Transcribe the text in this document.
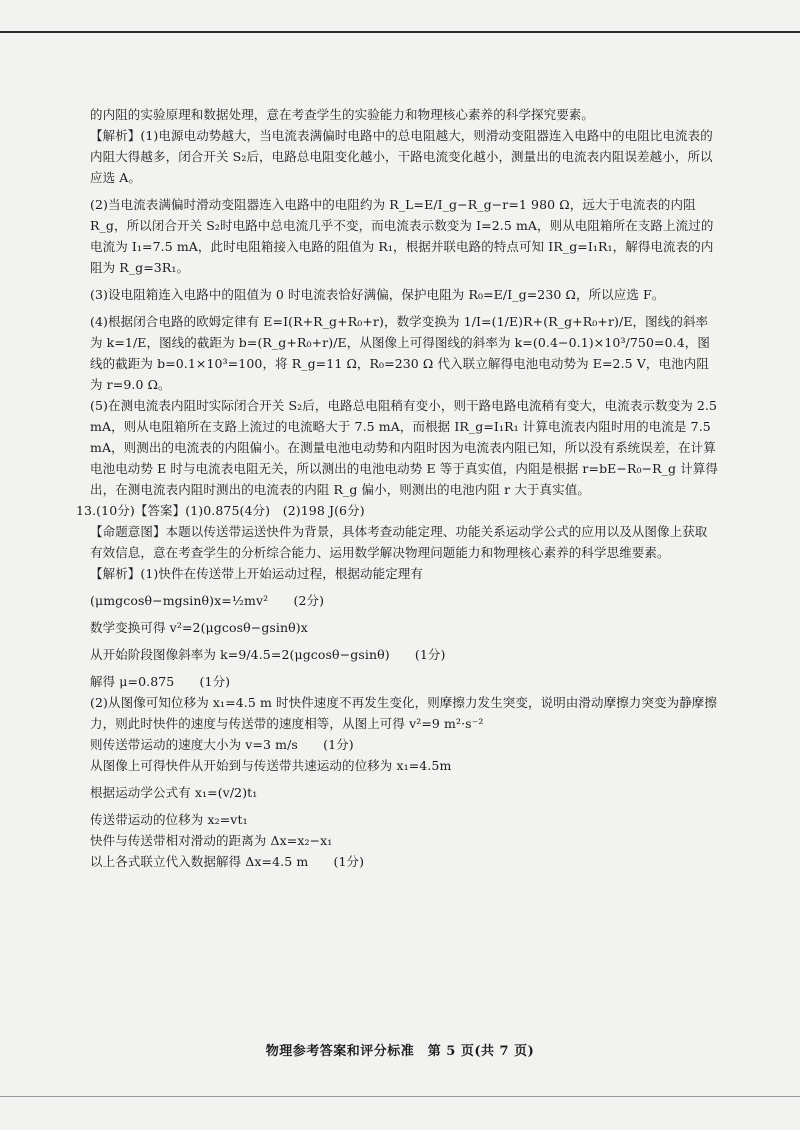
的内阻的实验原理和数据处理，意在考查学生的实验能力和物理核心素养的科学探究要素。

【解析】(1)电源电动势越大，当电流表满偏时电路中的总电阻越大，则滑动变阻器连入电路中的电阻比电流表的内阻大得越多，闭合开关 S₂后，电路总电阻变化越小，干路电流变化越小，测量出的电流表内阻误差越小，所以应选 A。

(2)当电流表满偏时滑动变阻器连入电路中的电阻约为 R_L=E/I_g−R_g−r=1 980 Ω，远大于电流表的内阻 R_g，所以闭合开关 S₂时电路中总电流几乎不变，而电流表示数变为 I=2.5 mA，则从电阻箱所在支路上流过的电流为 I₁=7.5 mA，此时电阻箱接入电路的阻值为 R₁，根据并联电路的特点可知 IR_g=I₁R₁，解得电流表的内阻为 R_g=3R₁。

(3)设电阻箱连入电路中的阻值为 0 时电流表恰好满偏，保护电阻为 R₀=E/I_g=230 Ω，所以应选 F。

(4)根据闭合电路的欧姆定律有 E=I(R+R_g+R₀+r)，数学变换为 1/I=(1/E)R+(R_g+R₀+r)/E，图线的斜率为 k=1/E，图线的截距为 b=(R_g+R₀+r)/E，从图像上可得图线的斜率为 k=(0.4−0.1)×10³/750=0.4，图线的截距为 b=0.1×10³=100，将 R_g=11 Ω，R₀=230 Ω 代入联立解得电池电动势为 E=2.5 V，电池内阻为 r=9.0 Ω。

(5)在测电流表内阻时实际闭合开关 S₂后，电路总电阻稍有变小，则干路电路电流稍有变大，电流表示数变为 2.5 mA，则从电阻箱所在支路上流过的电流略大于 7.5 mA，而根据 IR_g=I₁R₁ 计算电流表内阻时用的电流是 7.5 mA，则测出的电流表的内阻偏小。在测量电池电动势和内阻时因为电流表内阻已知，所以没有系统误差，在计算电池电动势 E 时与电流表电阻无关，所以测出的电池电动势 E 等于真实值，内阻是根据 r=bE−R₀−R_g 计算得出，在测电流表内阻时测出的电流表的内阻 R_g 偏小，则测出的电池内阻 r 大于真实值。

13.(10分)【答案】(1)0.875(4分)　(2)198 J(6分)

【命题意图】本题以传送带运送快件为背景，具体考查动能定理、功能关系运动学公式的应用以及从图像上获取有效信息，意在考查学生的分析综合能力、运用数学解决物理问题能力和物理核心素养的科学思维要素。

【解析】(1)快件在传送带上开始运动过程，根据动能定理有

(μmgcosθ−mgsinθ)x=½mv²　　(2分)

数学变换可得 v²=2(μgcosθ−gsinθ)x

从开始阶段图像斜率为 k=9/4.5=2(μgcosθ−gsinθ)　　(1分)

解得 μ=0.875　　(1分)

(2)从图像可知位移为 x₁=4.5 m 时快件速度不再发生变化，则摩擦力发生突变，说明由滑动摩擦力突变为静摩擦力，则此时快件的速度与传送带的速度相等，从图上可得 v²=9 m²·s⁻²

则传送带运动的速度大小为 v=3 m/s　　(1分)

从图像上可得快件从开始到与传送带共速运动的位移为 x₁=4.5m

根据运动学公式有 x₁=(v/2)t₁

传送带运动的位移为 x₂=vt₁

快件与传送带相对滑动的距离为 Δx=x₂−x₁

以上各式联立代入数据解得 Δx=4.5 m　　(1分)

物理参考答案和评分标准　第 5 页(共 7 页)
